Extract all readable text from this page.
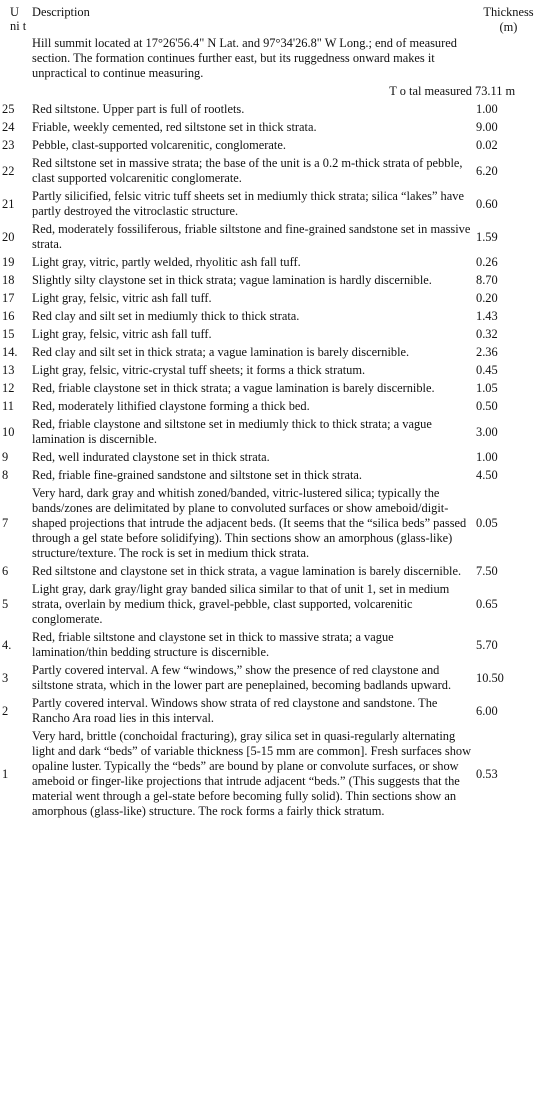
U ni t	Description	Thickness (m)
	Hill summit located at 17°26'56.4" N Lat. and 97°34'26.8" W Long.; end of measured section. The formation continues further east, but its ruggedness onward makes it unpractical to continue measuring.	
	T o tal measured	73.11 m
25	Red siltstone. Upper part is full of rootlets.	1.00
24	Friable, weekly cemented, red siltstone set in thick strata.	9.00
23	Pebble, clast-supported volcarenitic, conglomerate.	0.02
22	Red siltstone set in massive strata; the base of the unit is a 0.2 m-thick strata of pebble, clast supported volcarenitic conglomerate.	6.20
21	Partly silicified, felsic vitric tuff sheets set in mediumly thick strata; silica “lakes” have partly destroyed the vitroclastic structure.	0.60
20	Red, moderately fossiliferous, friable siltstone and fine-grained sandstone set in massive strata.	1.59
19	Light gray, vitric, partly welded, rhyolitic ash fall tuff.	0.26
18	Slightly silty claystone set in thick strata; vague lamination is hardly discernible.	8.70
17	Light gray, felsic, vitric ash fall tuff.	0.20
16	Red clay and silt set in mediumly thick to thick strata.	1.43
15	Light gray, felsic, vitric ash fall tuff.	0.32
14.	Red clay and silt set in thick strata; a vague lamination is barely discernible.	2.36
13	Light gray, felsic, vitric-crystal tuff sheets; it forms a thick stratum.	0.45
12	Red, friable claystone set in thick strata; a vague lamination is barely discernible.	1.05
11	Red, moderately lithified claystone forming a thick bed.	0.50
10	Red, friable claystone and siltstone set in mediumly thick to thick strata; a vague lamination is discernible.	3.00
9	Red, well indurated claystone set in thick strata.	1.00
8	Red, friable fine-grained sandstone and siltstone set in thick strata.	4.50
7	Very hard, dark gray and whitish zoned/banded, vitric-lustered silica; typically the bands/zones are delimitated by plane to convoluted surfaces or show ameboid/digit-shaped projections that intrude the adjacent beds. (It seems that the “silica beds” passed through a gel state before solidifying). Thin sections show an amorphous (glass-like) structure/texture. The rock is set in medium thick strata.	0.05
6	Red siltstone and claystone set in thick strata, a vague lamination is barely discernible.	7.50
5	Light gray, dark gray/light gray banded silica similar to that of unit 1, set in medium strata, overlain by medium thick, gravel-pebble, clast supported, volcarenitic conglomerate.	0.65
4.	Red, friable siltstone and claystone set in thick to massive strata; a vague lamination/thin bedding structure is discernible.	5.70
3	Partly covered interval. A few “windows,” show the presence of red claystone and siltstone strata, which in the lower part are peneplained, becoming badlands upward.	10.50
2	Partly covered interval. Windows show strata of red claystone and sandstone. The Rancho Ara road lies in this interval.	6.00
1	Very hard, brittle (conchoidal fracturing), gray silica set in quasi-regularly alternating light and dark “beds” of variable thickness [5-15 mm are common]. Fresh surfaces show opaline luster. Typically the “beds” are bound by plane or convolute surfaces, or show ameboid or finger-like projections that intrude adjacent “beds.” (This suggests that the material went through a gel-state before becoming fully solid). Thin sections show an amorphous (glass-like) structure. The rock forms a fairly thick stratum.	0.53
